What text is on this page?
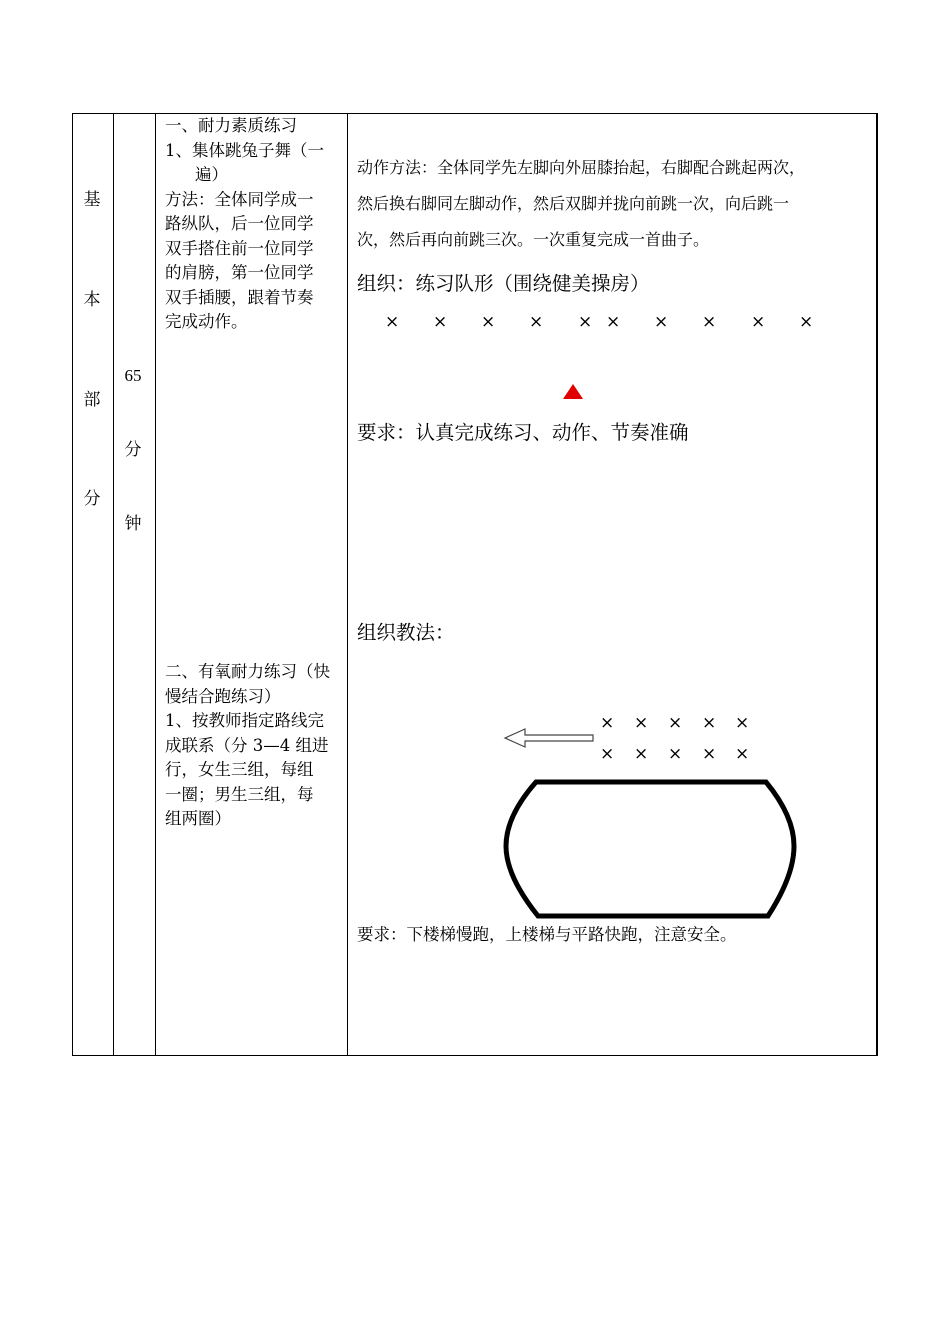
基
本
部
分
65
分
钟
一、耐力素质练习
1、集体跳兔子舞（一
遍）
方法：全体同学成一
路纵队，后一位同学
双手搭住前一位同学
的肩膀，第一位同学
双手插腰，跟着节奏
完成动作。
二、有氧耐力练习（快
慢结合跑练习）
1、按教师指定路线完
成联系（分 3—4 组进
行，女生三组，每组
一圈；男生三组，每
组两圈）
动作方法：全体同学先左脚向外屈膝抬起，右脚配合跳起两次，
然后换右脚同左脚动作，然后双脚并拢向前跳一次，向后跳一
次，然后再向前跳三次。一次重复完成一首曲子。
组织：练习队形（围绕健美操房）
× × × × × × × × × ×
要求：认真完成练习、动作、节奏准确
组织教法：
× × × × ×
× × × × ×
要求：下楼梯慢跑，上楼梯与平路快跑，注意安全。
